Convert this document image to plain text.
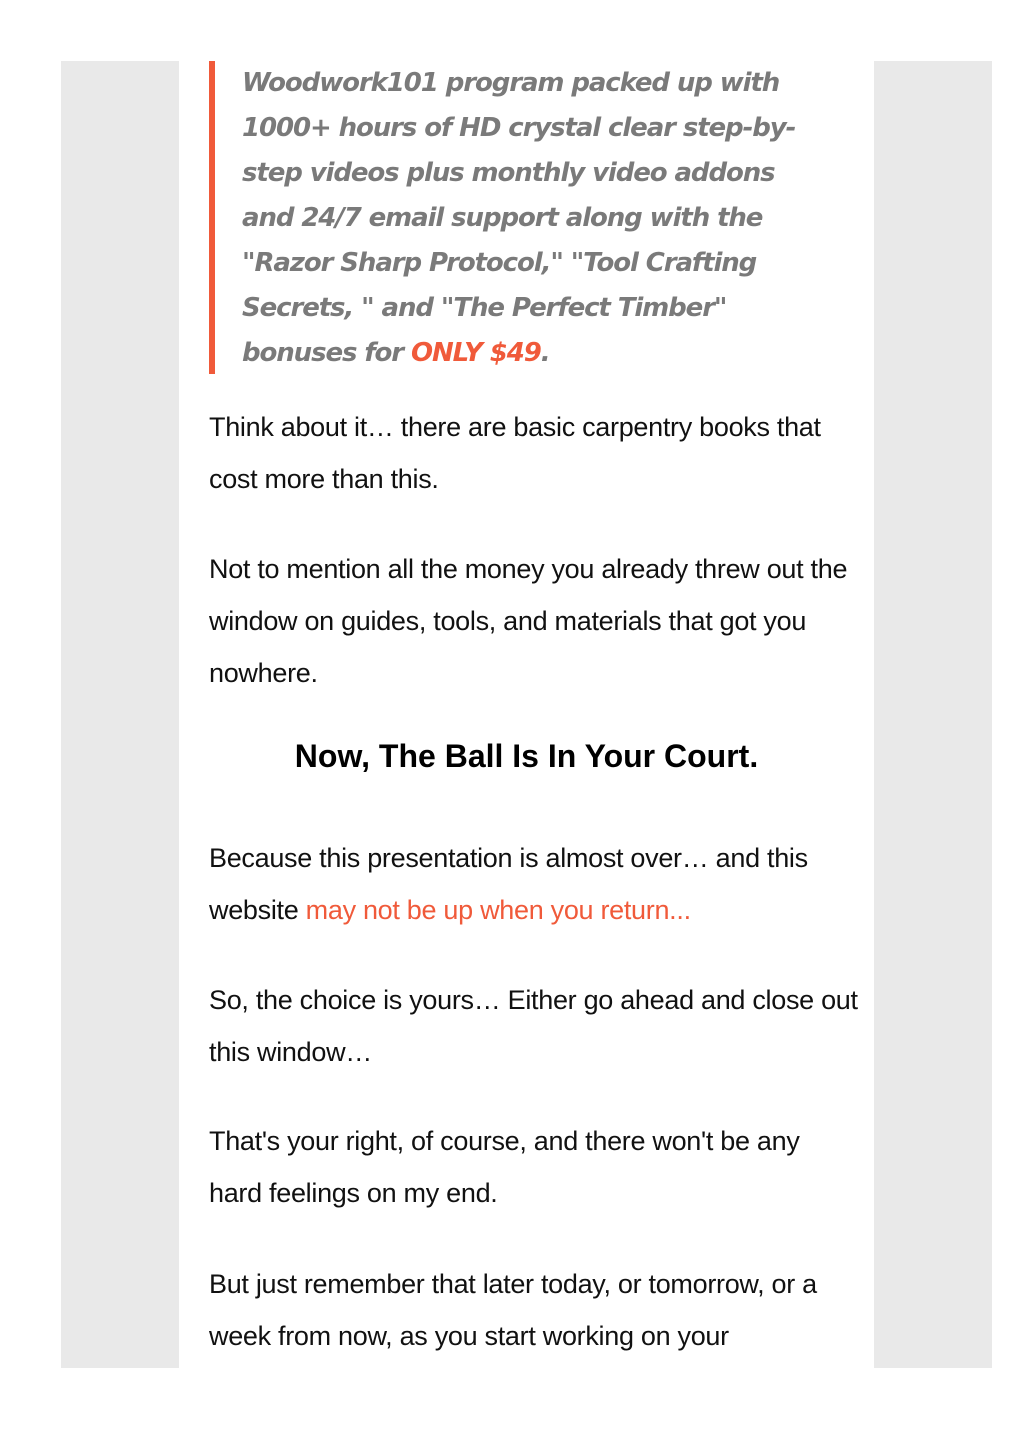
Woodwork101 program packed up with 1000+ hours of HD crystal clear step-by-step videos plus monthly video addons and 24/7 email support along with the "Razor Sharp Protocol," "Tool Crafting Secrets, " and "The Perfect Timber" bonuses for ONLY $49.

Think about it… there are basic carpentry books that cost more than this.

Not to mention all the money you already threw out the window on guides, tools, and materials that got you nowhere.

Now, The Ball Is In Your Court.

Because this presentation is almost over… and this website may not be up when you return...

So, the choice is yours… Either go ahead and close out this window…

That's your right, of course, and there won't be any hard feelings on my end.

But just remember that later today, or tomorrow, or a week from now, as you start working on your
